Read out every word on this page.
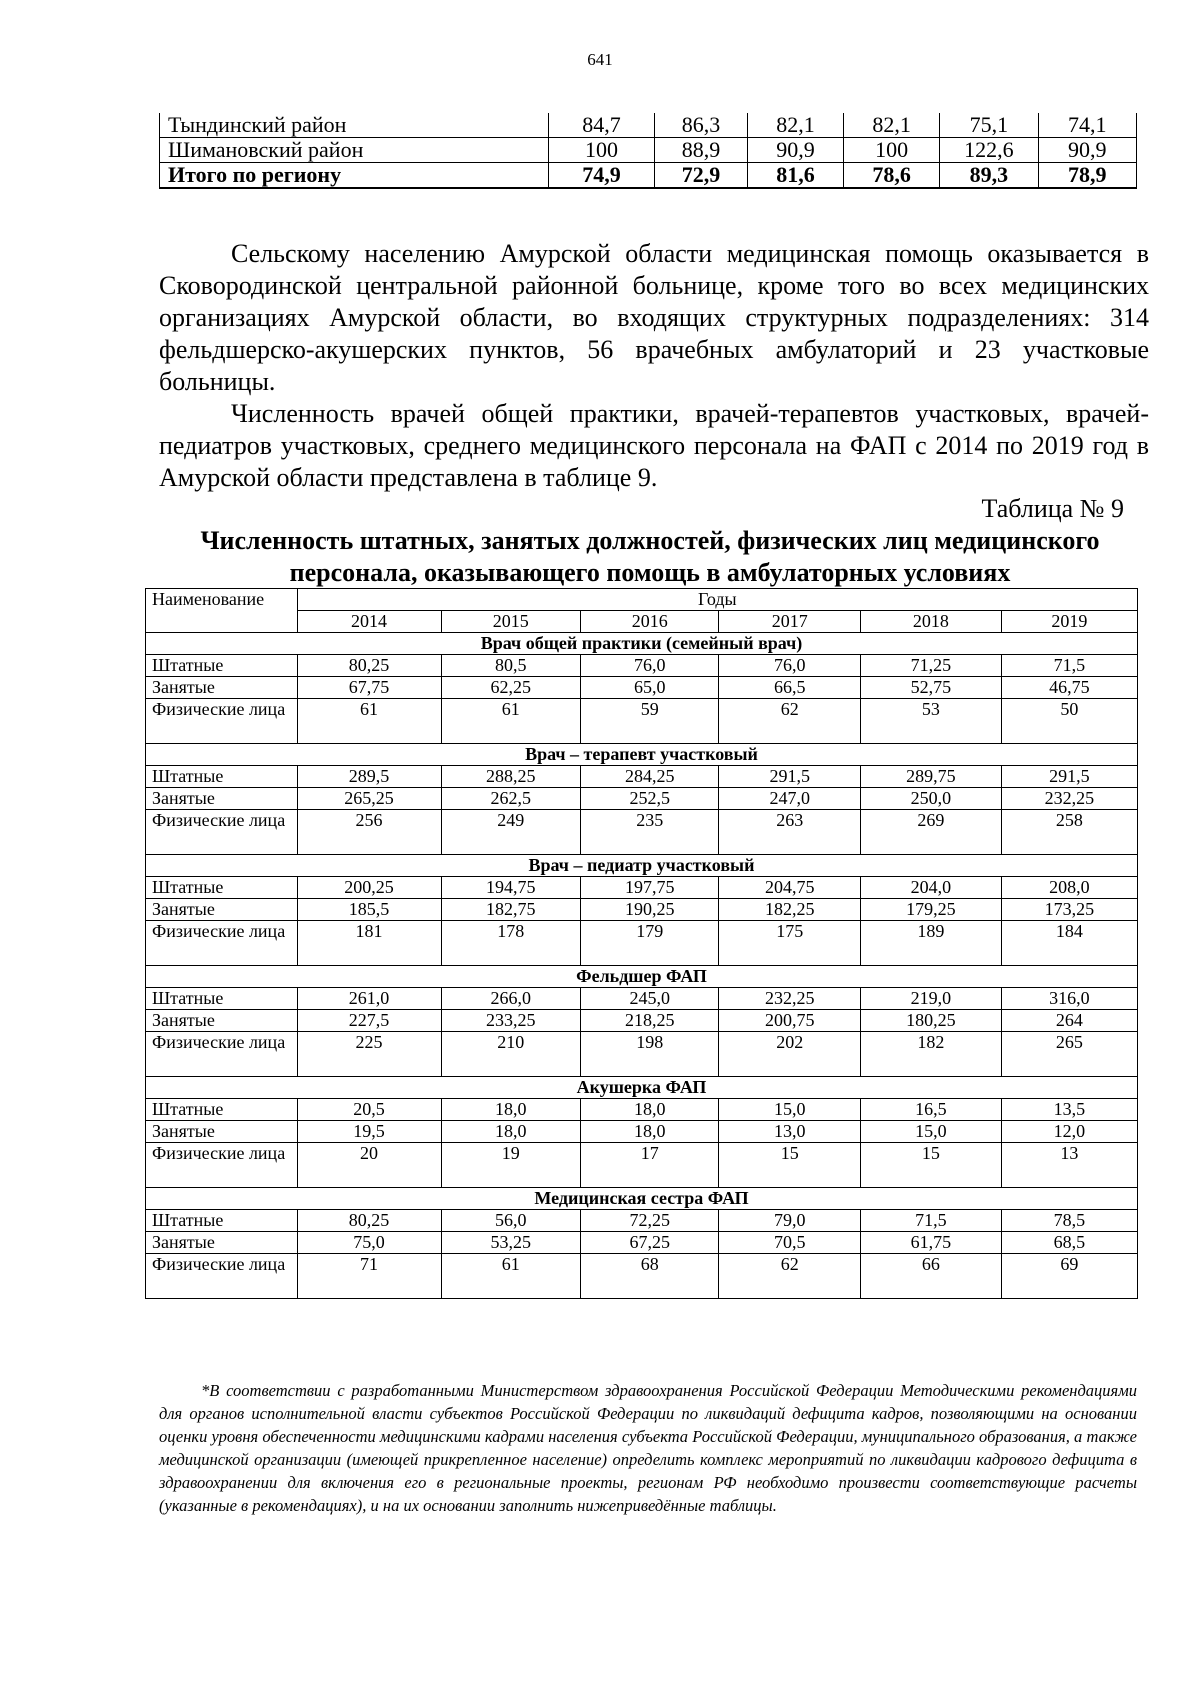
641
Тындинский район	84,7	86,3	82,1	82,1	75,1	74,1
Шимановский район	100	88,9	90,9	100	122,6	90,9
Итого по региону	74,9	72,9	81,6	78,6	89,3	78,9

Сельскому населению Амурской области медицинская помощь оказывается в Сковородинской центральной районной больнице, кроме того во всех медицинских организациях Амурской области, во входящих структурных подразделениях: 314 фельдшерско-акушерских пунктов, 56 врачебных амбулаторий и 23 участковые больницы.

Численность врачей общей практики, врачей-терапевтов участковых, врачей-педиатров участковых, среднего медицинского персонала на ФАП с 2014 по 2019 год в Амурской области представлена в таблице 9.

Таблица № 9

Численность штатных, занятых должностей, физических лиц медицинского персонала, оказывающего помощь в амбулаторных условиях

Наименование	Годы					
	2014	2015	2016	2017	2018	2019
Врач общей практики (семейный врач)						
Штатные	80,25	80,5	76,0	76,0	71,25	71,5
Занятые	67,75	62,25	65,0	66,5	52,75	46,75
Физические лица	61	61	59	62	53	50
Врач – терапевт участковый						
Штатные	289,5	288,25	284,25	291,5	289,75	291,5
Занятые	265,25	262,5	252,5	247,0	250,0	232,25
Физические лица	256	249	235	263	269	258
Врач – педиатр участковый						
Штатные	200,25	194,75	197,75	204,75	204,0	208,0
Занятые	185,5	182,75	190,25	182,25	179,25	173,25
Физические лица	181	178	179	175	189	184
Фельдшер ФАП						
Штатные	261,0	266,0	245,0	232,25	219,0	316,0
Занятые	227,5	233,25	218,25	200,75	180,25	264
Физические лица	225	210	198	202	182	265
Акушерка ФАП						
Штатные	20,5	18,0	18,0	15,0	16,5	13,5
Занятые	19,5	18,0	18,0	13,0	15,0	12,0
Физические лица	20	19	17	15	15	13
Медицинская сестра ФАП						
Штатные	80,25	56,0	72,25	79,0	71,5	78,5
Занятые	75,0	53,25	67,25	70,5	61,75	68,5
Физические лица	71	61	68	62	66	69

*В соответствии с разработанными Министерством здравоохранения Российской Федерации Методическими рекомендациями для органов исполнительной власти субъектов Российской Федерации по ликвидаций дефицита кадров, позволяющими на основании оценки уровня обеспеченности медицинскими кадрами населения субъекта Российской Федерации, муниципального образования, а также медицинской организации (имеющей прикрепленное население) определить комплекс мероприятий по ликвидации кадрового дефицита в здравоохранении для включения его в региональные проекты, регионам РФ необходимо произвести соответствующие расчеты (указанные в рекомендациях), и на их основании заполнить нижеприведённые таблицы.
